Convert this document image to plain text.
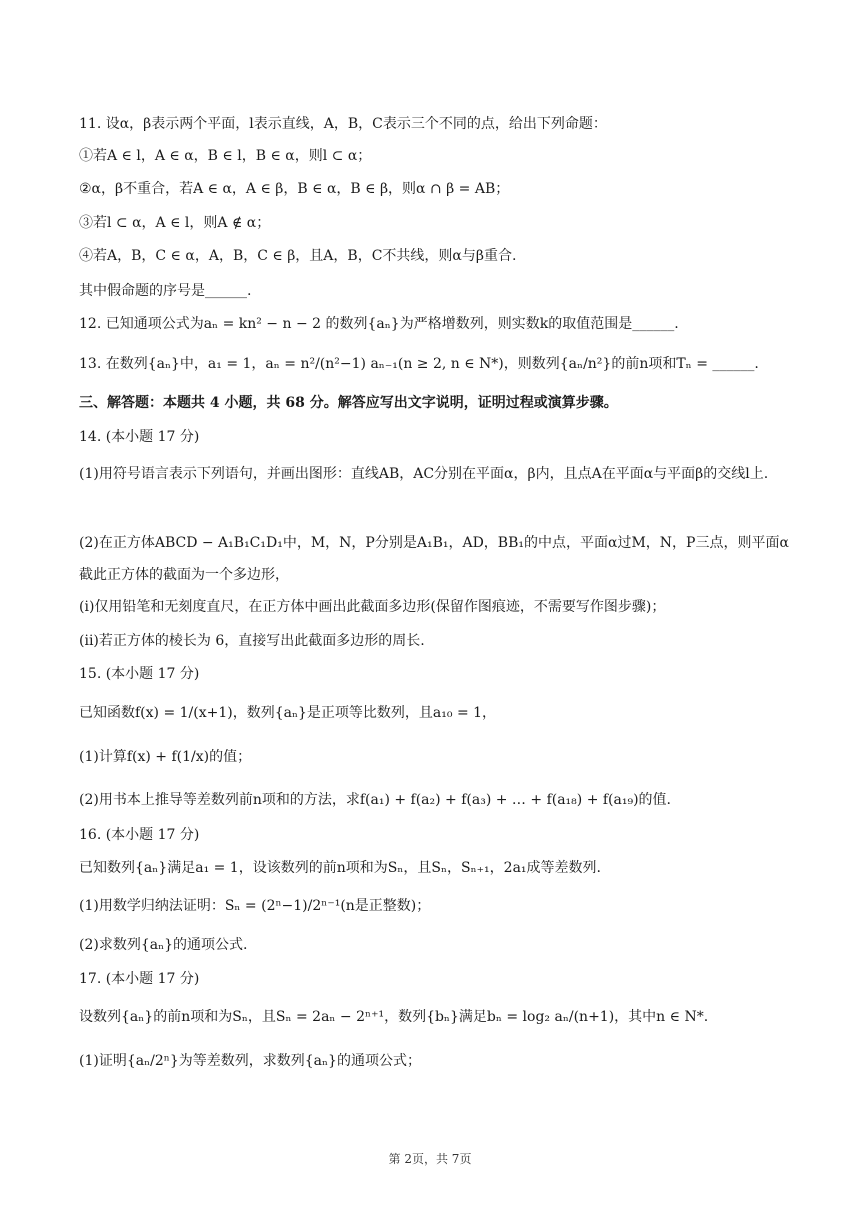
11. 设α，β表示两个平面，l表示直线，A，B，C表示三个不同的点，给出下列命题：
①若A ∈ l，A ∈ α，B ∈ l，B ∈ α，则l ⊂ α；
②α，β不重合，若A ∈ α，A ∈ β，B ∈ α，B ∈ β，则α ∩ β = AB；
③若l ⊂ α，A ∈ l，则A ∉ α；
④若A，B，C ∈ α，A，B，C ∈ β，且A，B，C不共线，则α与β重合.
其中假命题的序号是______.
12. 已知通项公式为aₙ = kn² − n − 2 的数列{aₙ}为严格增数列，则实数k的取值范围是______.
13. 在数列{aₙ}中，a₁ = 1，aₙ = n²/(n²−1) aₙ₋₁(n ≥ 2, n ∈ N*)，则数列{aₙ/n²}的前n项和Tₙ = ______.
三、解答题：本题共 4 小题，共 68 分。解答应写出文字说明，证明过程或演算步骤。
14. (本小题 17 分)
(1)用符号语言表示下列语句，并画出图形：直线AB，AC分别在平面α，β内，且点A在平面α与平面β的交线l上.
(2)在正方体ABCD − A₁B₁C₁D₁中，M，N，P分别是A₁B₁，AD，BB₁的中点，平面α过M，N，P三点，则平面α截此正方体的截面为一个多边形，
(i)仅用铅笔和无刻度直尺，在正方体中画出此截面多边形(保留作图痕迹，不需要写作图步骤)；
(ii)若正方体的棱长为 6，直接写出此截面多边形的周长.
15. (本小题 17 分)
已知函数f(x) = 1/(x+1)，数列{aₙ}是正项等比数列，且a₁₀ = 1，
(1)计算f(x) + f(1/x)的值；
(2)用书本上推导等差数列前n项和的方法，求f(a₁) + f(a₂) + f(a₃) + … + f(a₁₈) + f(a₁₉)的值.
16. (本小题 17 分)
已知数列{aₙ}满足a₁ = 1，设该数列的前n项和为Sₙ，且Sₙ，Sₙ₊₁，2a₁成等差数列.
(1)用数学归纳法证明：Sₙ = (2ⁿ−1)/2ⁿ⁻¹(n是正整数)；
(2)求数列{aₙ}的通项公式.
17. (本小题 17 分)
设数列{aₙ}的前n项和为Sₙ，且Sₙ = 2aₙ − 2ⁿ⁺¹，数列{bₙ}满足bₙ = log₂ aₙ/(n+1)，其中n ∈ N*.
(1)证明{aₙ/2ⁿ}为等差数列，求数列{aₙ}的通项公式；
第 2页，共 7页
